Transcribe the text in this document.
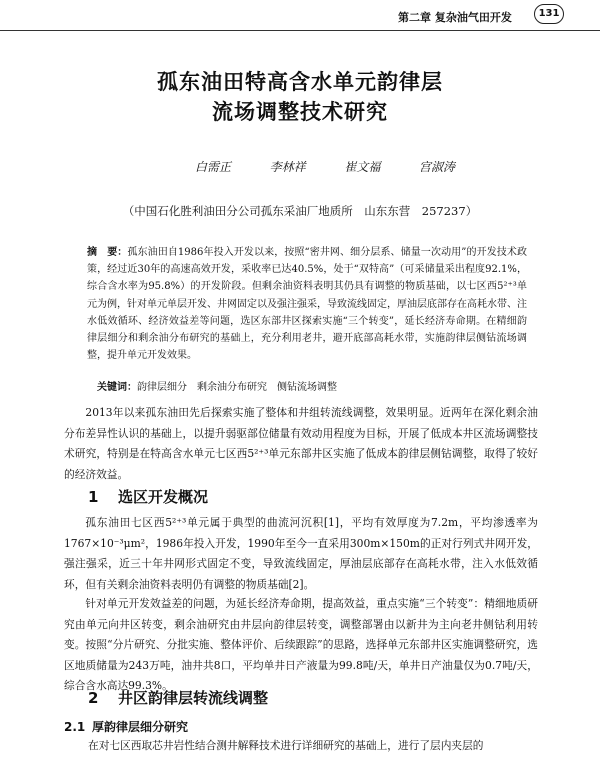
第二章 复杂油气田开发	131
孤东油田特高含水单元韵律层
流场调整技术研究
白需正	李林祥	崔文福	宫淑涛
（中国石化胜利油田分公司孤东采油厂地质所　山东东营　257237）
摘　要：孤东油田自1986年投入开发以来，按照“密井网、细分层系、储量一次动用”的开发技术政策，经过近30年的高速高效开发，采收率已达40.5%，处于“双特高”（可采储量采出程度92.1%，综合含水率为95.8%）的开发阶段。但剩余油资料表明其仍具有调整的物质基础，以七区西5²⁺³单元为例，针对单元单层开发、井网固定以及强注强采，导致流线固定，厚油层底部存在高耗水带、注水低效循环、经济效益差等问题，选区东部井区探索实施“三个转变”，延长经济寿命期。在精细韵律层细分和剩余油分布研究的基础上，充分利用老井，避开底部高耗水带，实施韵律层侧钻流场调整，提升单元开发效果。
关键词：韵律层细分　剩余油分布研究　侧钻流场调整
2013年以来孤东油田先后探索实施了整体和井组转流线调整，效果明显。近两年在深化剩余油分布差异性认识的基础上，以提升弱驱部位储量有效动用程度为目标，开展了低成本井区流场调整技术研究，特别是在特高含水单元七区西5²⁺³单元东部井区实施了低成本韵律层侧钻调整，取得了较好的经济效益。
1 选区开发概况
孤东油田七区西5²⁺³单元属于典型的曲流河沉积[1]，平均有效厚度为7.2m，平均渗透率为1767×10⁻³μm²，1986年投入开发，1990年至今一直采用300m×150m的正对行列式井网开发，强注强采，近三十年井网形式固定不变，导致流线固定，厚油层底部存在高耗水带，注入水低效循环，但有关剩余油资料表明仍有调整的物质基础[2]。
针对单元开发效益差的问题，为延长经济寿命期，提高效益，重点实施“三个转变”：精细地质研究由单元向井区转变，剩余油研究由井层向韵律层转变，调整部署由以新井为主向老井侧钻利用转变。按照“分片研究、分批实施、整体评价、后续跟踪”的思路，选择单元东部井区实施调整研究，选区地质储量为243万吨，油井共8口，平均单井日产液量为99.8吨/天，单井日产油量仅为0.7吨/天，综合含水高达99.3%。
2 井区韵律层转流线调整
2.1 厚韵律层细分研究
在对七区西取芯井岩性结合测井解释技术进行详细研究的基础上，进行了层内夹层的
